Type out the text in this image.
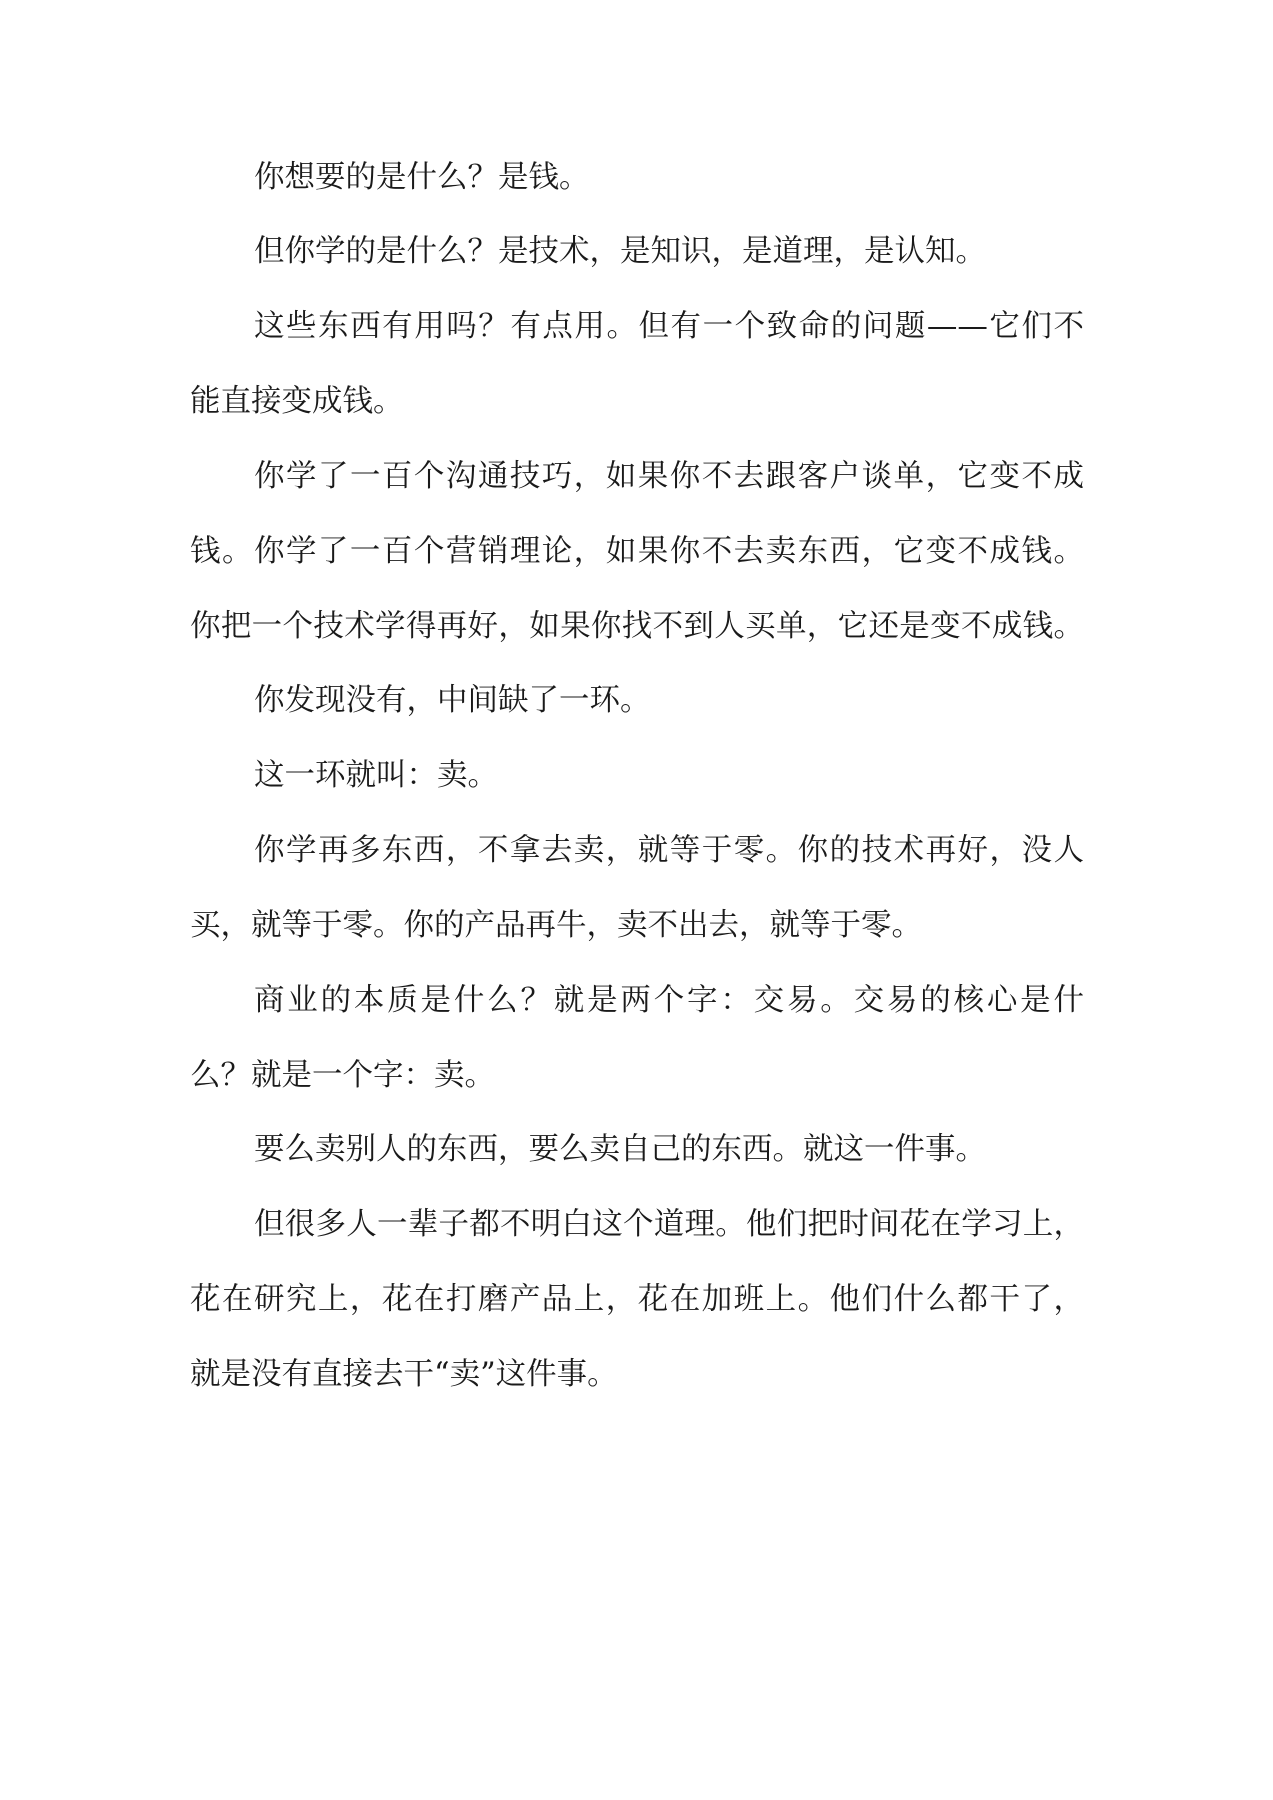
你想要的是什么？是钱。
但你学的是什么？是技术，是知识，是道理，是认知。
这些东西有用吗？有点用。但有一个致命的问题——它们不
能直接变成钱。
你学了一百个沟通技巧，如果你不去跟客户谈单，它变不成
钱。你学了一百个营销理论，如果你不去卖东西，它变不成钱。
你把一个技术学得再好，如果你找不到人买单，它还是变不成钱。
你发现没有，中间缺了一环。
这一环就叫：卖。
你学再多东西，不拿去卖，就等于零。你的技术再好，没人
买，就等于零。你的产品再牛，卖不出去，就等于零。
商业的本质是什么？就是两个字：交易。交易的核心是什
么？就是一个字：卖。
要么卖别人的东西，要么卖自己的东西。就这一件事。
但很多人一辈子都不明白这个道理。他们把时间花在学习上，
花在研究上，花在打磨产品上，花在加班上。他们什么都干了，
就是没有直接去干“卖”这件事。
